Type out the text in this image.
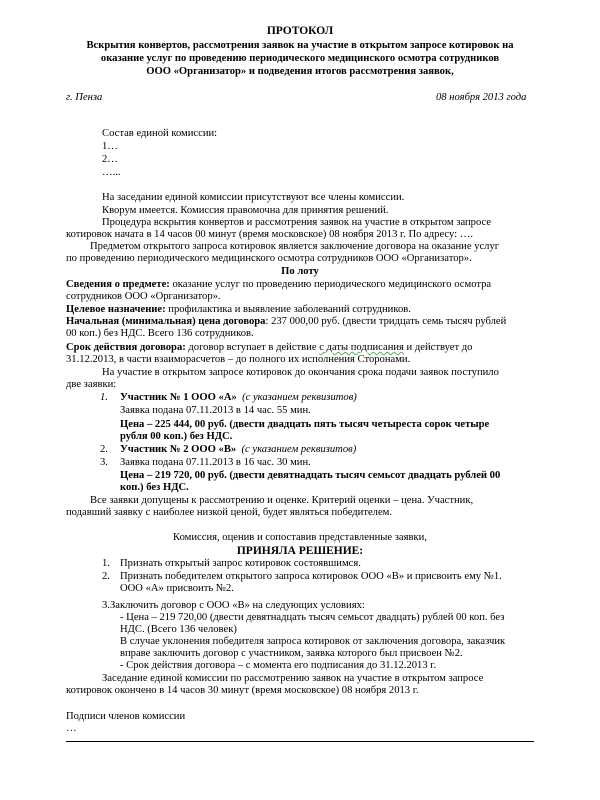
ПРОТОКОЛ
Вскрытия конвертов, рассмотрения заявок на участие в открытом запросе котировок на
оказание услуг по проведению периодического медицинского осмотра сотрудников
ООО «Организатор» и подведения итогов рассмотрения заявок,
г. Пенза	08 ноября 2013 года
Состав единой комиссии:
1…
2…
…...
На заседании единой комиссии присутствуют все члены комиссии.
Кворум имеется. Комиссия правомочна для принятия решений.
Процедура вскрытия конвертов и рассмотрения заявок на участие в открытом запросе
котировок начата в 14 часов 00 минут (время московское) 08 ноября 2013 г. По адресу: ….
Предметом открытого запроса котировок является заключение договора на оказание услуг
по проведению периодического медицинского осмотра сотрудников ООО «Организатор».
По лоту
Сведения о предмете: оказание услуг по проведению периодического медицинского осмотра
сотрудников ООО «Организатор».
Целевое назначение: профилактика и выявление заболеваний сотрудников.
Начальная (минимальная) цена договора: 237 000,00 руб. (двести тридцать семь тысяч рублей
00 коп.) без НДС. Всего 136 сотрудников.
Срок действия договора: договор вступает в действие с даты подписания и действует до
31.12.2013, в части взаиморасчетов – до полного их исполнения Сторонами.
На участие в открытом запросе котировок до окончания срока подачи заявок поступило
две заявки:
1. Участник № 1 ООО «А» (с указанием реквизитов)
Заявка подана 07.11.2013 в 14 час. 55 мин.
Цена – 225 444, 00 руб. (двести двадцать пять тысяч четыреста сорок четыре
рубля 00 коп.) без НДС.
2. Участник № 2 ООО «В» (с указанием реквизитов)
3. Заявка подана 07.11.2013 в 16 час. 30 мин.
Цена – 219 720, 00 руб. (двести девятнадцать тысяч семьсот двадцать рублей 00
коп.) без НДС.
Все заявки допущены к рассмотрению и оценке. Критерий оценки – цена. Участник,
подавший заявку с наиболее низкой ценой, будет являться победителем.
Комиссия, оценив и сопоставив представленные заявки,
ПРИНЯЛА РЕШЕНИЕ:
1. Признать открытый запрос котировок состоявшимся.
2. Признать победителем открытого запроса котировок ООО «В» и присвоить ему №1.
ООО «А» присвоить №2.
3.Заключить договор с ООО «В» на следующих условиях:
- Цена – 219 720,00 (двести девятнадцать тысяч семьсот двадцать) рублей 00 коп. без
НДС. (Всего 136 человек)
В случае уклонения победителя запроса котировок от заключения договора, заказчик
вправе заключить договор с участником, заявка которого был присвоен №2.
- Срок действия договора – с момента его подписания до 31.12.2013 г.
Заседание единой комиссии по рассмотрению заявок на участие в открытом запросе
котировок окончено в 14 часов 30 минут (время московское) 08 ноября 2013 г.
Подписи членов комиссии
…
